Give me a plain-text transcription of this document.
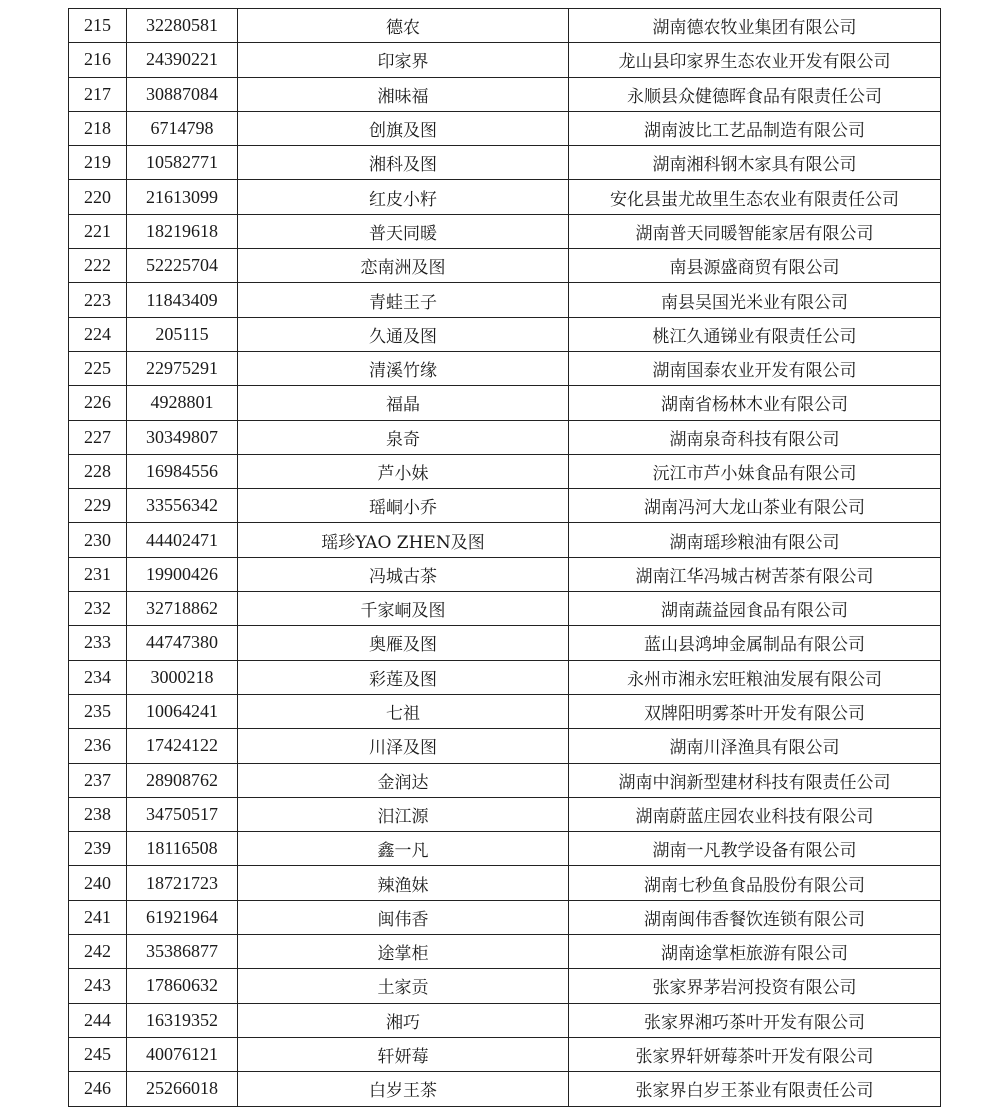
215	32280581	德农	湖南德农牧业集团有限公司
216	24390221	印家界	龙山县印家界生态农业开发有限公司
217	30887084	湘味福	永顺县众健德晖食品有限责任公司
218	6714798	创旗及图	湖南波比工艺品制造有限公司
219	10582771	湘科及图	湖南湘科钢木家具有限公司
220	21613099	红皮小籽	安化县蚩尤故里生态农业有限责任公司
221	18219618	普天同暖	湖南普天同暖智能家居有限公司
222	52225704	恋南洲及图	南县源盛商贸有限公司
223	11843409	青蛙王子	南县吴国光米业有限公司
224	205115	久通及图	桃江久通锑业有限责任公司
225	22975291	清溪竹缘	湖南国泰农业开发有限公司
226	4928801	福晶	湖南省杨林木业有限公司
227	30349807	泉奇	湖南泉奇科技有限公司
228	16984556	芦小妹	沅江市芦小妹食品有限公司
229	33556342	瑶峒小乔	湖南冯河大龙山茶业有限公司
230	44402471	瑶珍YAO ZHEN及图	湖南瑶珍粮油有限公司
231	19900426	冯城古茶	湖南江华冯城古树苦茶有限公司
232	32718862	千家峒及图	湖南蔬益园食品有限公司
233	44747380	奥雁及图	蓝山县鸿坤金属制品有限公司
234	3000218	彩莲及图	永州市湘永宏旺粮油发展有限公司
235	10064241	七祖	双牌阳明雾茶叶开发有限公司
236	17424122	川泽及图	湖南川泽渔具有限公司
237	28908762	金润达	湖南中润新型建材科技有限责任公司
238	34750517	汨江源	湖南蔚蓝庄园农业科技有限公司
239	18116508	鑫一凡	湖南一凡教学设备有限公司
240	18721723	辣渔妹	湖南七秒鱼食品股份有限公司
241	61921964	闽伟香	湖南闽伟香餐饮连锁有限公司
242	35386877	途掌柜	湖南途掌柜旅游有限公司
243	17860632	土家贡	张家界茅岩河投资有限公司
244	16319352	湘巧	张家界湘巧茶叶开发有限公司
245	40076121	轩妍莓	张家界轩妍莓茶叶开发有限公司
246	25266018	白岁王茶	张家界白岁王茶业有限责任公司
